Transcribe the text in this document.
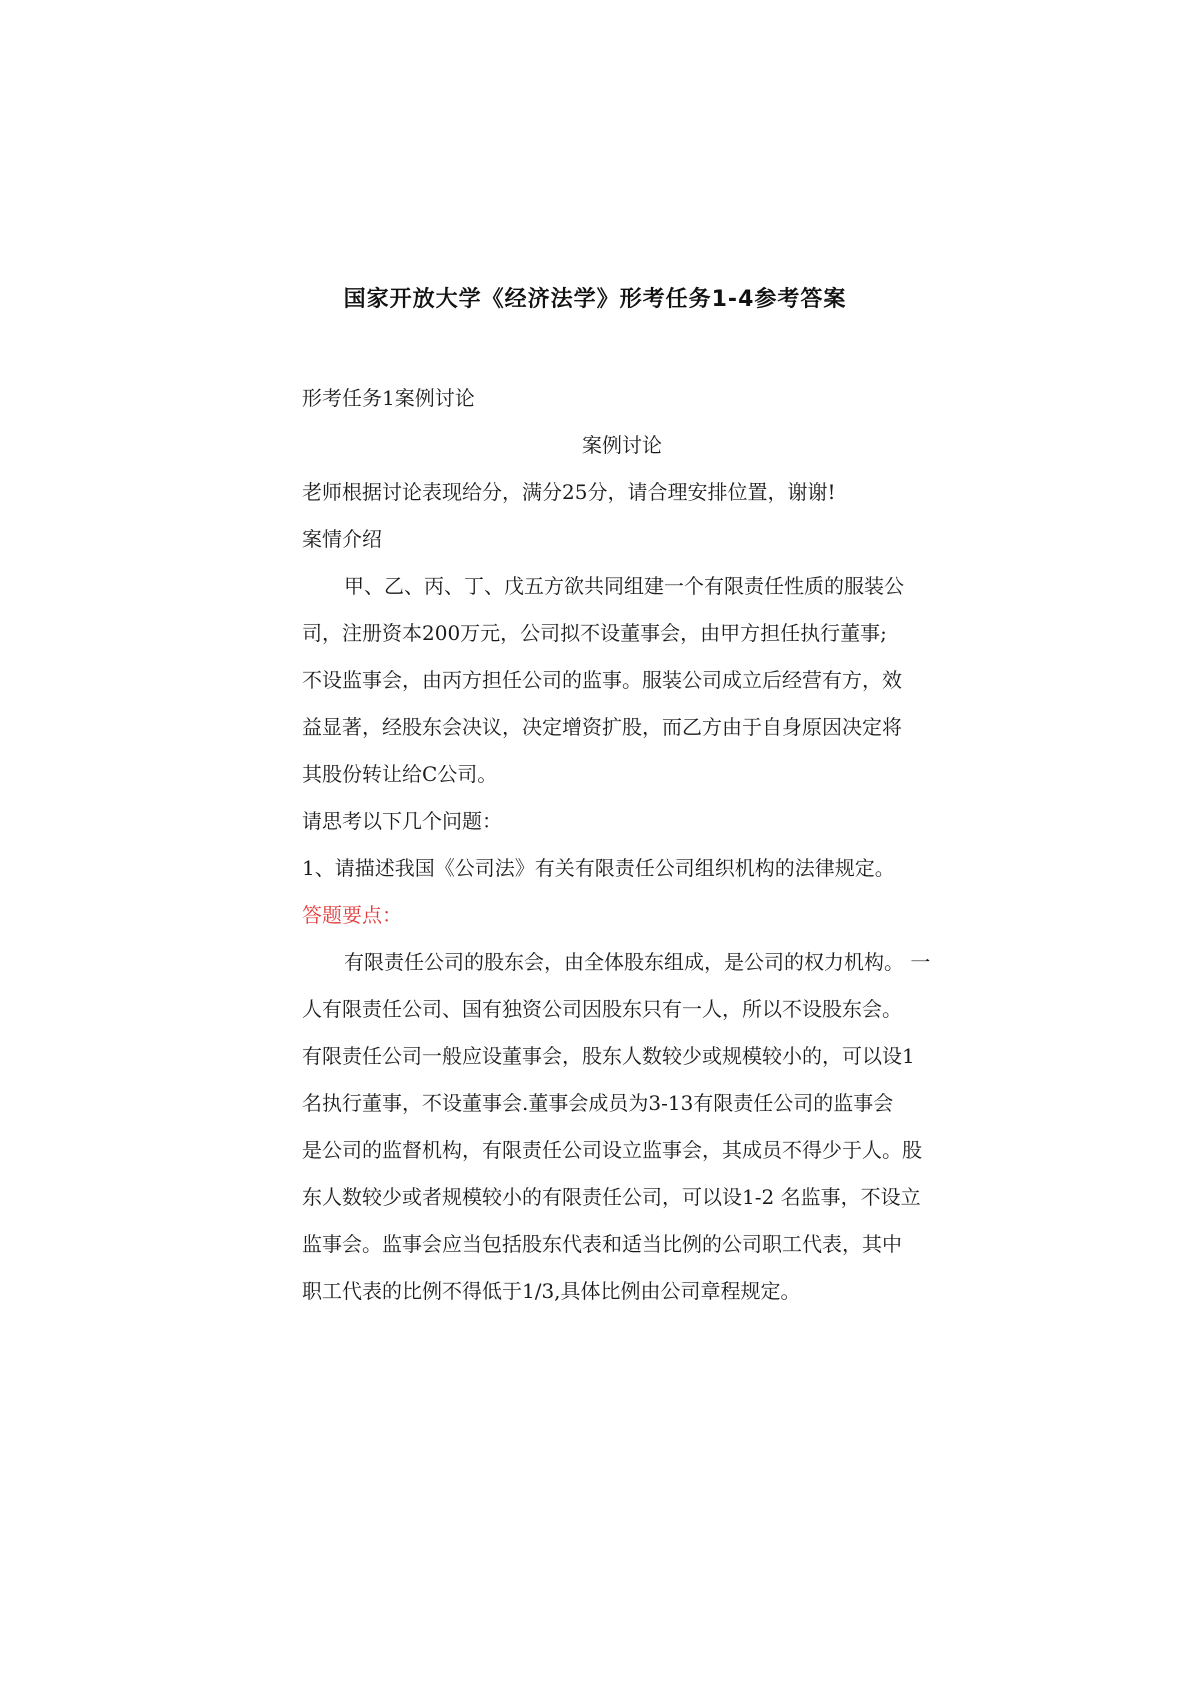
国家开放大学《经济法学》形考任务1-4参考答案
形考任务1案例讨论
案例讨论
老师根据讨论表现给分，满分25分，请合理安排位置，谢谢!
案情介绍
甲、乙、丙、丁、戊五方欲共同组建一个有限责任性质的服装公
司，注册资本200万元，公司拟不设董事会，由甲方担任执行董事;
不设监事会，由丙方担任公司的监事。服装公司成立后经营有方，效
益显著，经股东会决议，决定增资扩股，而乙方由于自身原因决定将
其股份转让给C公司。
请思考以下几个问题：
1、请描述我国《公司法》有关有限责任公司组织机构的法律规定。
答题要点：
有限责任公司的股东会，由全体股东组成，是公司的权力机构。 一
人有限责任公司、国有独资公司因股东只有一人，所以不设股东会。
有限责任公司一般应设董事会，股东人数较少或规模较小的，可以设1
名执行董事，不设董事会.董事会成员为3-13有限责任公司的监事会
是公司的监督机构，有限责任公司设立监事会，其成员不得少于人。股
东人数较少或者规模较小的有限责任公司，可以设1-2 名监事，不设立
监事会。监事会应当包括股东代表和适当比例的公司职工代表，其中
职工代表的比例不得低于1/3,具体比例由公司章程规定。
